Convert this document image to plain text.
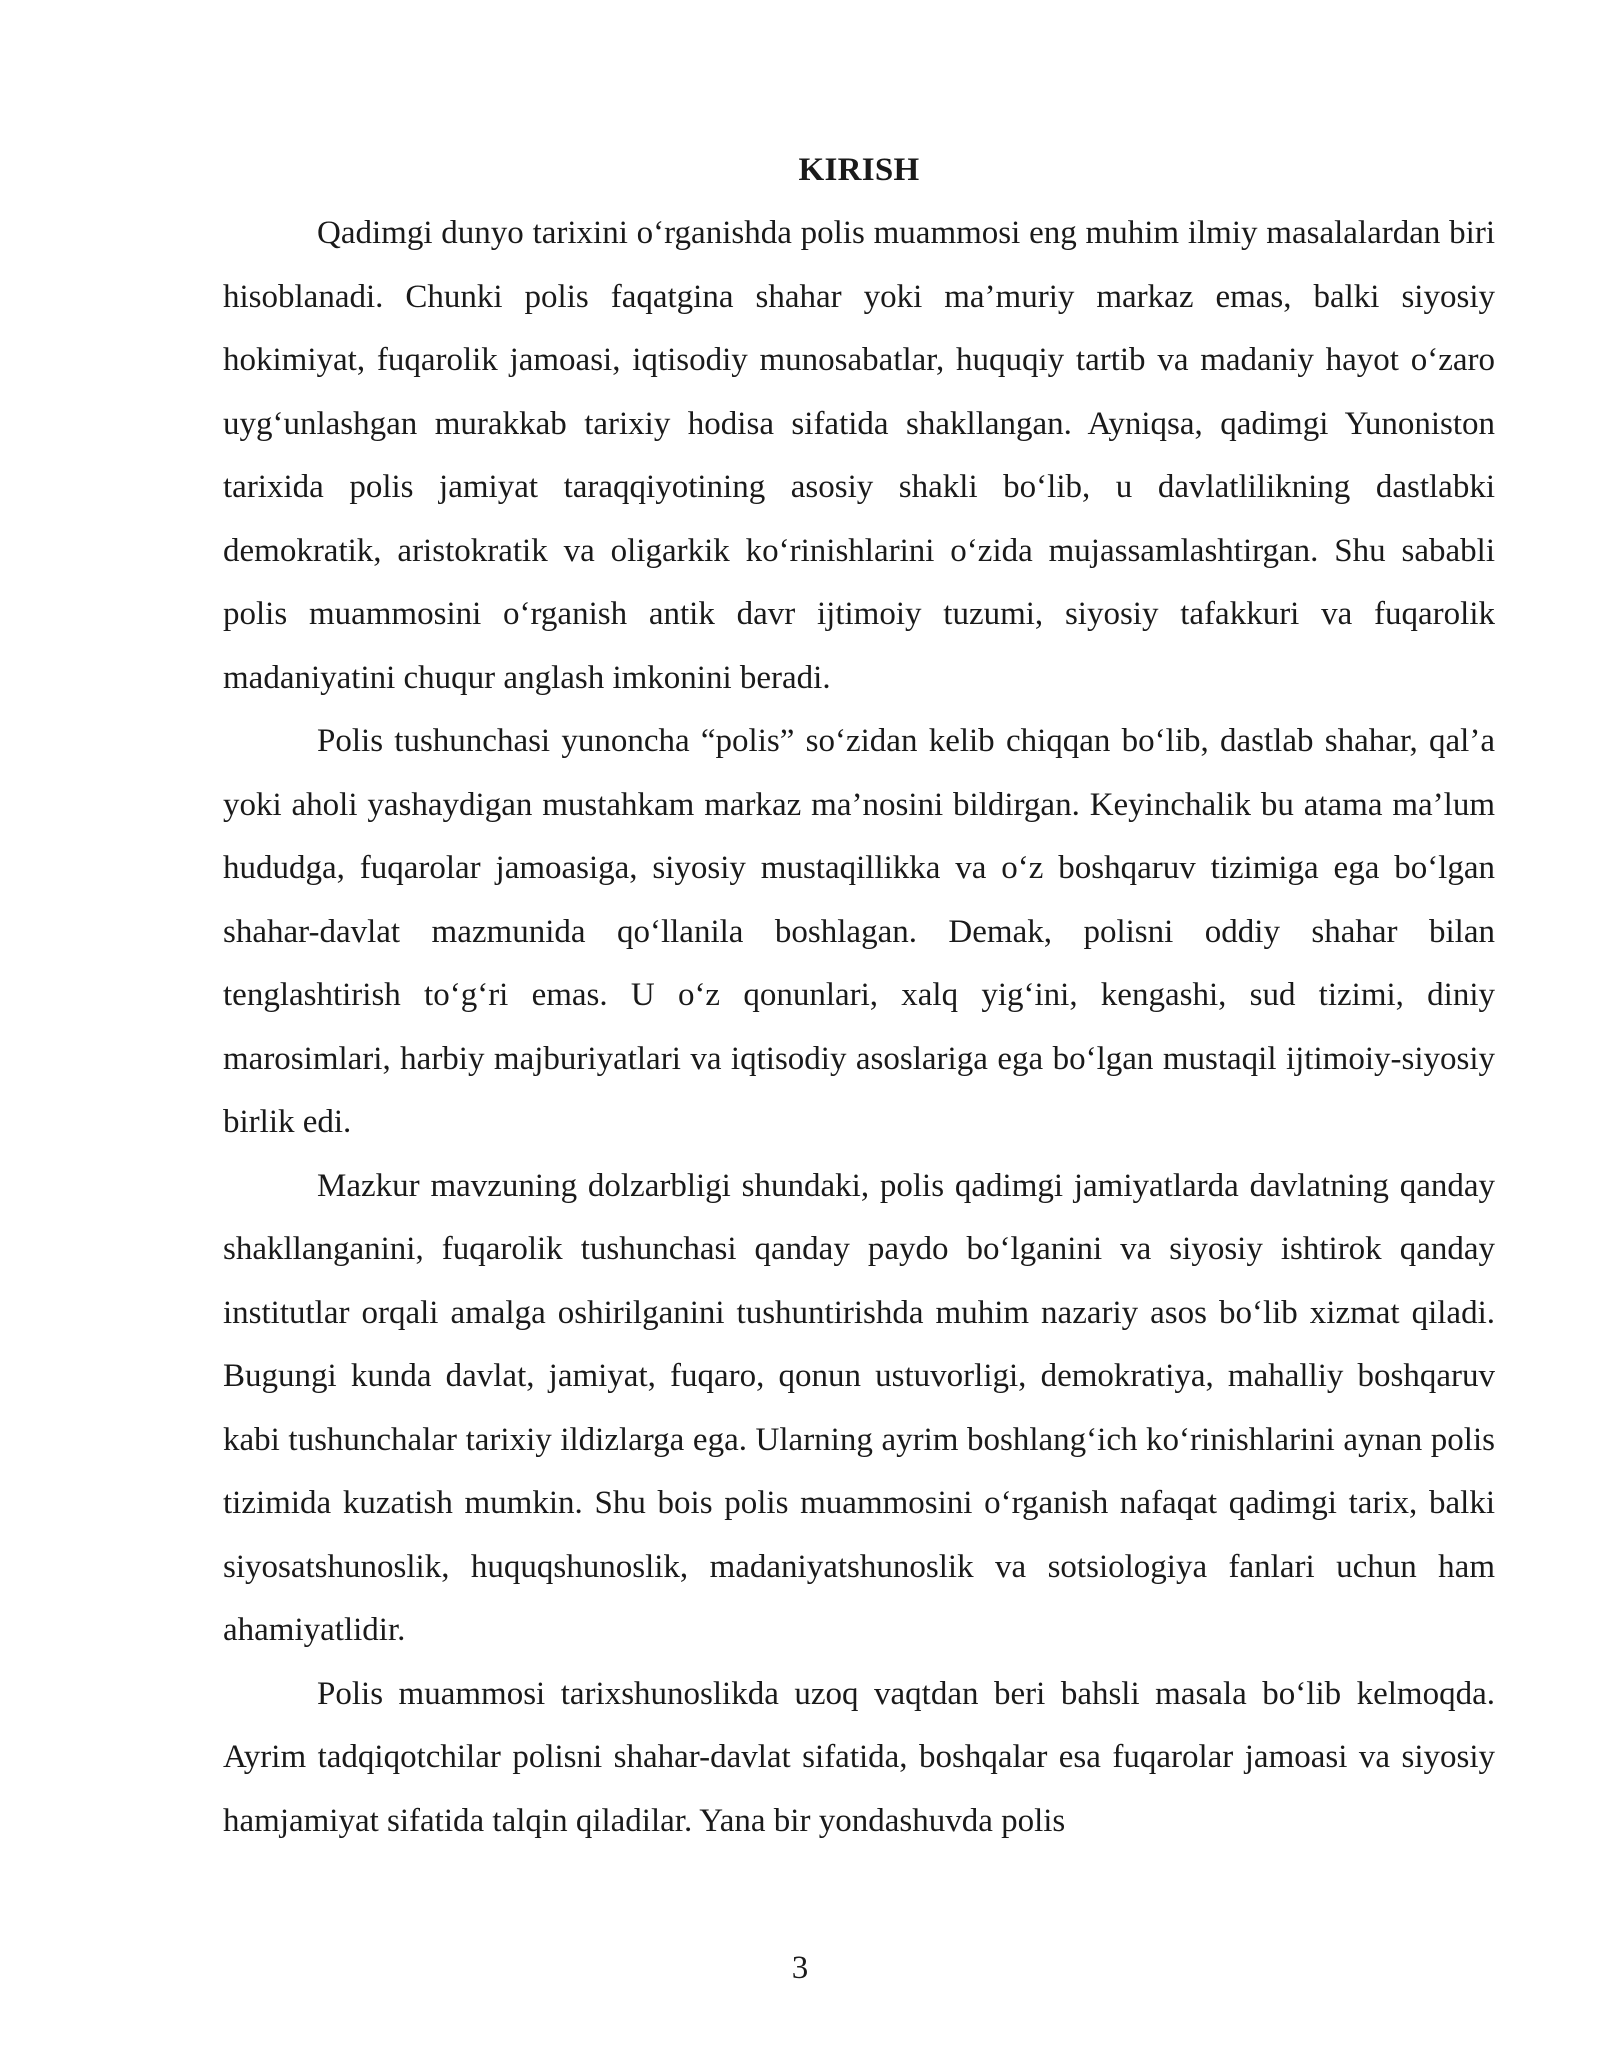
KIRISH

Qadimgi dunyo tarixini o‘rganishda polis muammosi eng muhim ilmiy masalalardan biri hisoblanadi. Chunki polis faqatgina shahar yoki ma’muriy markaz emas, balki siyosiy hokimiyat, fuqarolik jamoasi, iqtisodiy munosabatlar, huquqiy tartib va madaniy hayot o‘zaro uyg‘unlashgan murakkab tarixiy hodisa sifatida shakllangan. Ayniqsa, qadimgi Yunoniston tarixida polis jamiyat taraqqiyotining asosiy shakli bo‘lib, u davlatlilikning dastlabki demokratik, aristokratik va oligarkik ko‘rinishlarini o‘zida mujassamlashtirgan. Shu sababli polis muammosini o‘rganish antik davr ijtimoiy tuzumi, siyosiy tafakkuri va fuqarolik madaniyatini chuqur anglash imkonini beradi.

Polis tushunchasi yunoncha “polis” so‘zidan kelib chiqqan bo‘lib, dastlab shahar, qal’a yoki aholi yashaydigan mustahkam markaz ma’nosini bildirgan. Keyinchalik bu atama ma’lum hududga, fuqarolar jamoasiga, siyosiy mustaqillikka va o‘z boshqaruv tizimiga ega bo‘lgan shahar-davlat mazmunida qo‘llanila boshlagan. Demak, polisni oddiy shahar bilan tenglashtirish to‘g‘ri emas. U o‘z qonunlari, xalq yig‘ini, kengashi, sud tizimi, diniy marosimlari, harbiy majburiyatlari va iqtisodiy asoslariga ega bo‘lgan mustaqil ijtimoiy-siyosiy birlik edi.

Mazkur mavzuning dolzarbligi shundaki, polis qadimgi jamiyatlarda davlatning qanday shakllanganini, fuqarolik tushunchasi qanday paydo bo‘lganini va siyosiy ishtirok qanday institutlar orqali amalga oshirilganini tushuntirishda muhim nazariy asos bo‘lib xizmat qiladi. Bugungi kunda davlat, jamiyat, fuqaro, qonun ustuvorligi, demokratiya, mahalliy boshqaruv kabi tushunchalar tarixiy ildizlarga ega. Ularning ayrim boshlang‘ich ko‘rinishlarini aynan polis tizimida kuzatish mumkin. Shu bois polis muammosini o‘rganish nafaqat qadimgi tarix, balki siyosatshunoslik, huquqshunoslik, madaniyatshunoslik va sotsiologiya fanlari uchun ham ahamiyatlidir.

Polis muammosi tarixshunoslikda uzoq vaqtdan beri bahsli masala bo‘lib kelmoqda. Ayrim tadqiqotchilar polisni shahar-davlat sifatida, boshqalar esa fuqarolar jamoasi va siyosiy hamjamiyat sifatida talqin qiladilar. Yana bir yondashuvda polis

3
